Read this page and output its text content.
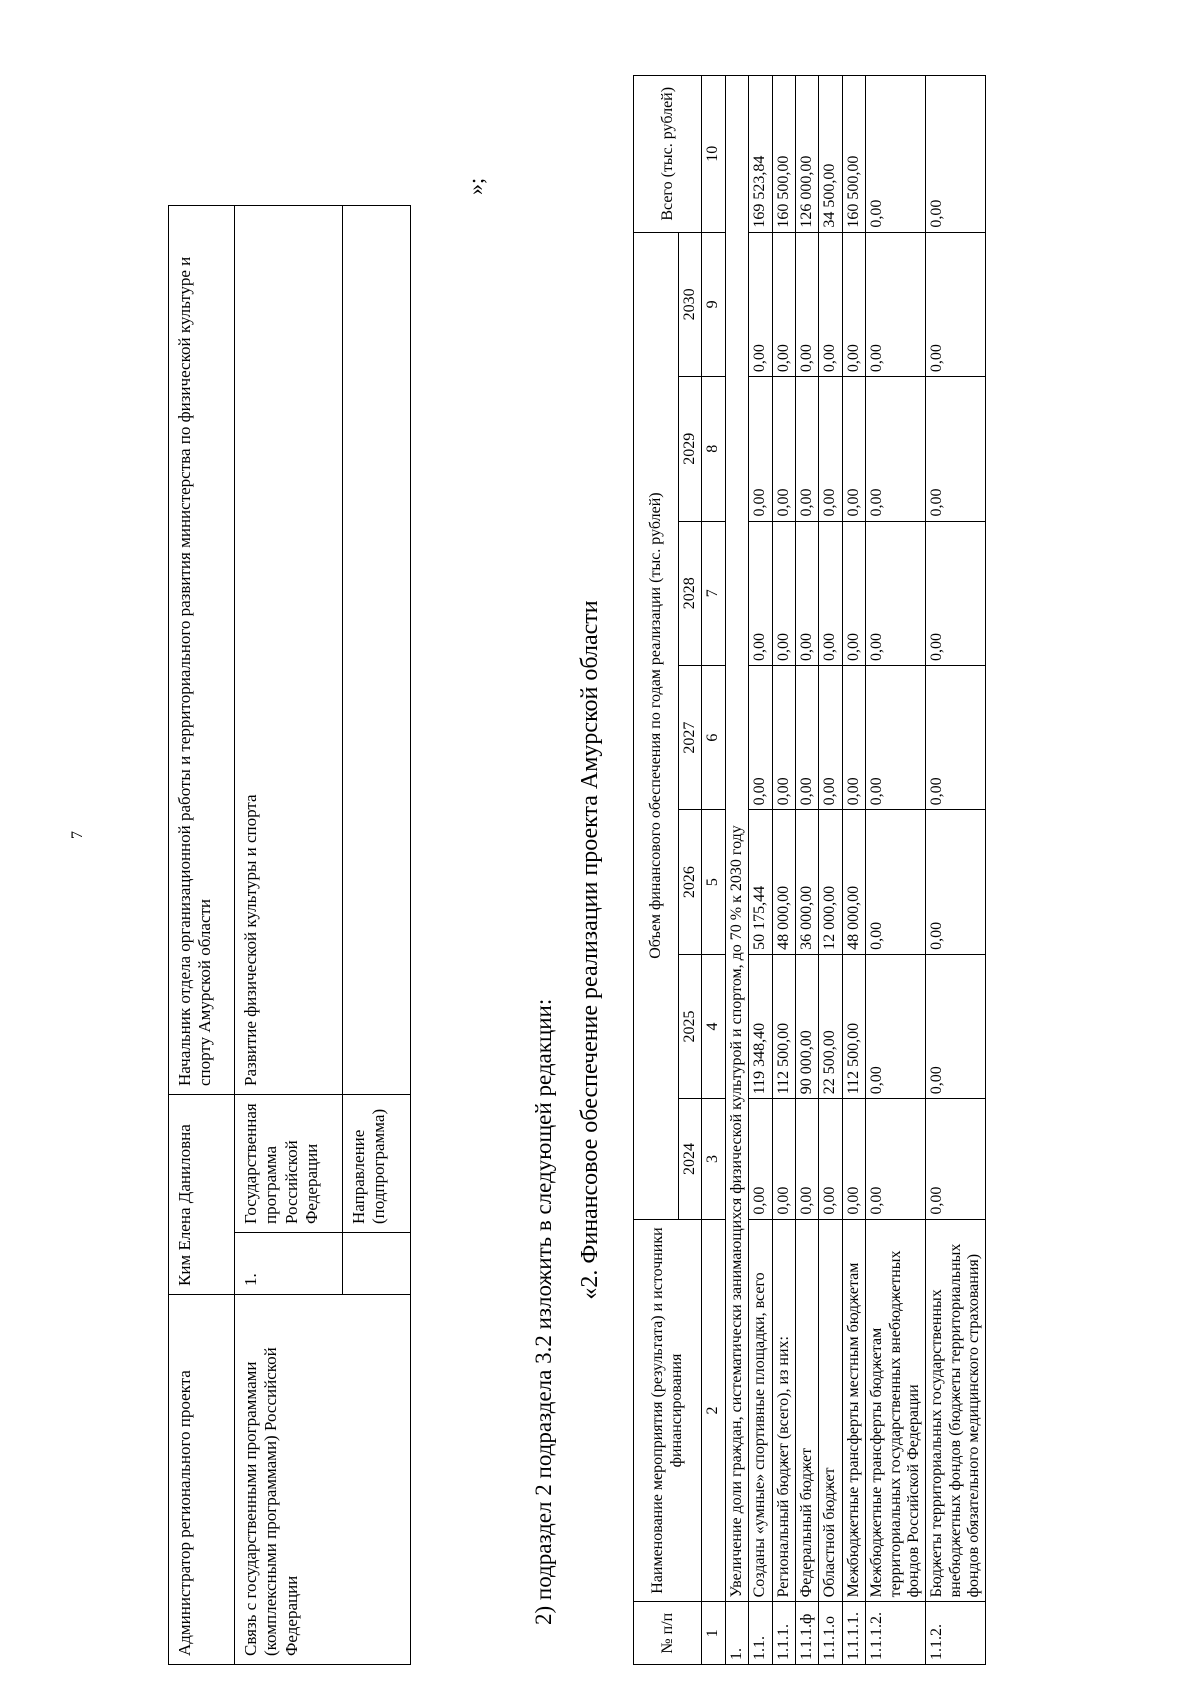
7
Администратор регионального проекта	Ким Елена Даниловна		Начальник отдела организационной работы и территориального развития министерства по физической культуре и спорту Амурской области
Связь с государственными программами (комплексными программами) Российской Федерации	1.	Государственная программа Российской Федерации	Развитие физической культуры и спорта
		Направление (подпрограмма)	
»;
2) подраздел 2 подраздела 3.2 изложить в следующей редакции:
«2. Финансовое обеспечение реализации проекта Амурской области
№ п/п	Наименование мероприятия (результата) и источники финансирования	Объем финансового обеспечения по годам реализации (тыс. рублей)							Всего (тыс. рублей)
		2024	2025	2026	2027	2028	2029	2030	
1	2	3	4	5	6	7	8	9	10
1.	Увеличение доли граждан, систематически занимающихся физической культурой и спортом, до 70 % к 2030 году								
1.1.	Созданы «умные» спортивные площадки, всего	0,00	119 348,40	50 175,44	0,00	0,00	0,00	0,00	169 523,84
1.1.1.	Региональный бюджет (всего), из них:	0,00	112 500,00	48 000,00	0,00	0,00	0,00	0,00	160 500,00
1.1.1.ф	Федеральный бюджет	0,00	90 000,00	36 000,00	0,00	0,00	0,00	0,00	126 000,00
1.1.1.о	Областной бюджет	0,00	22 500,00	12 000,00	0,00	0,00	0,00	0,00	34 500,00
1.1.1.1.	Межбюджетные трансферты местным бюджетам	0,00	112 500,00	48 000,00	0,00	0,00	0,00	0,00	160 500,00
1.1.1.2.	Межбюджетные трансферты бюджетам территориальных государственных внебюджетных фондов Российской Федерации	0,00	0,00	0,00	0,00	0,00	0,00	0,00	0,00
1.1.2.	Бюджеты территориальных государственных внебюджетных фондов (бюджеты территориальных фондов обязательного медицинского страхования)	0,00	0,00	0,00	0,00	0,00	0,00	0,00	0,00
